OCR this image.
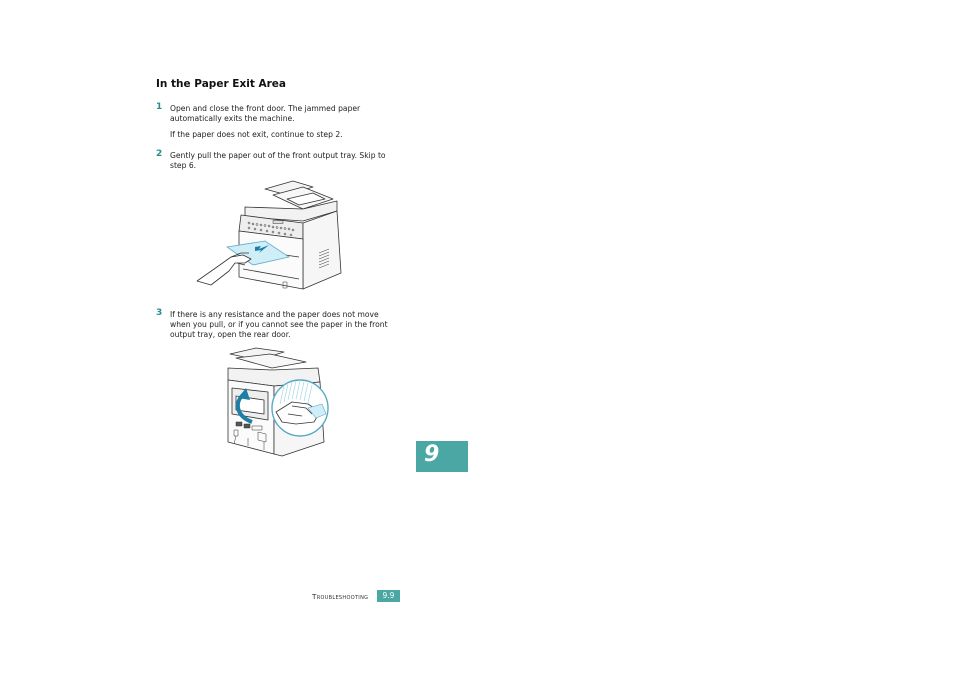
In the Paper Exit Area
1 Open and close the front door. The jammed paper
automatically exits the machine.

If the paper does not exit, continue to step 2.

2 Gently pull the paper out of the front output tray. Skip to
step 6.

3 If there is any resistance and the paper does not move
when you pull, or if you cannot see the paper in the front
output tray, open the rear door.

9
Troubleshooting	9.9
